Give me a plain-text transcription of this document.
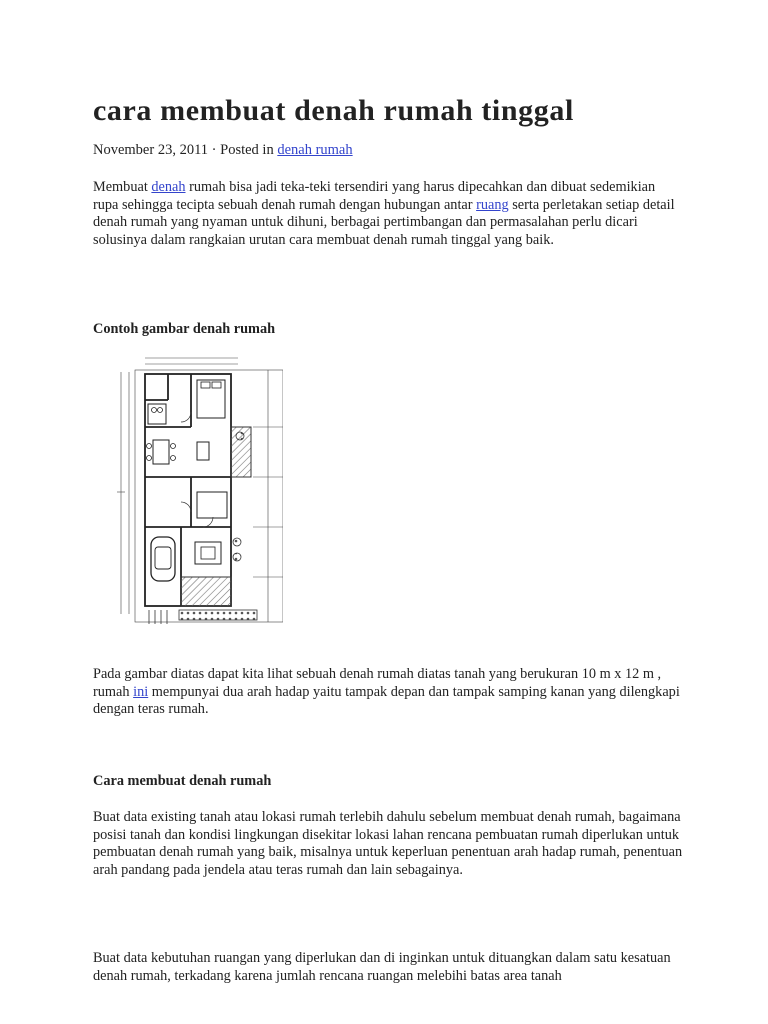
cara membuat denah rumah tinggal
November 23, 2011 · Posted in denah rumah

Membuat denah rumah bisa jadi teka-teki tersendiri yang harus dipecahkan dan dibuat sedemikian rupa sehingga tecipta sebuah denah rumah dengan hubungan antar ruang serta perletakan setiap detail denah rumah yang nyaman untuk dihuni, berbagai pertimbangan dan permasalahan perlu dicari solusinya dalam rangkaian urutan cara membuat denah rumah tinggal yang baik.

Contoh gambar denah rumah

Pada gambar diatas dapat kita lihat sebuah denah rumah diatas tanah yang berukuran 10 m x 12 m , rumah ini mempunyai dua arah hadap yaitu tampak depan dan tampak samping kanan yang dilengkapi dengan teras rumah.

Cara membuat denah rumah

Buat data existing tanah atau lokasi rumah terlebih dahulu sebelum membuat denah rumah, bagaimana posisi tanah dan kondisi lingkungan disekitar lokasi lahan rencana pembuatan rumah diperlukan untuk pembuatan denah rumah yang baik, misalnya untuk keperluan penentuan arah hadap rumah, penentuan arah pandang pada jendela atau teras rumah dan lain sebagainya.

Buat data kebutuhan ruangan yang diperlukan dan di inginkan untuk dituangkan dalam satu kesatuan denah rumah, terkadang karena jumlah rencana ruangan melebihi batas area tanah
